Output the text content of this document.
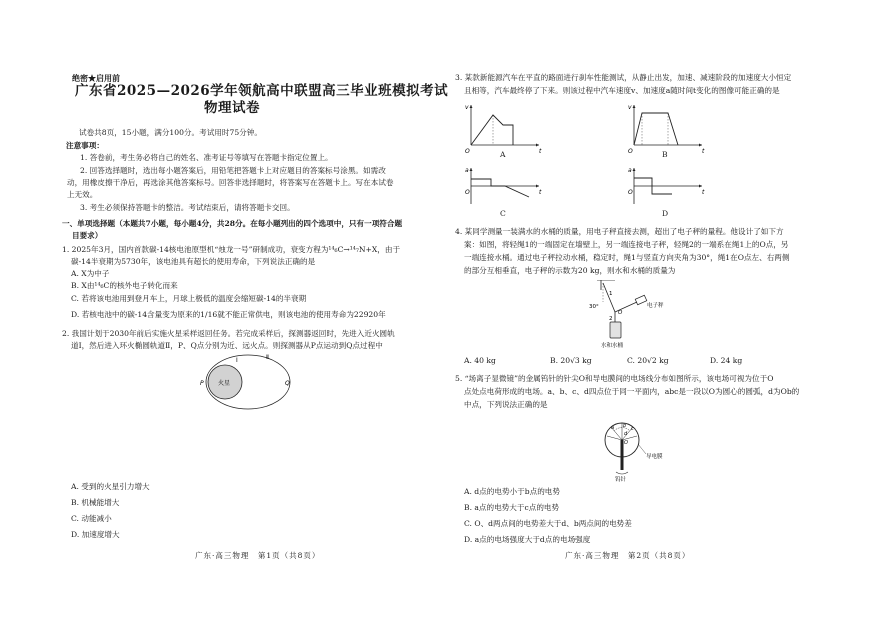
绝密★启用前
广东省2025—2026学年领航高中联盟高三毕业班模拟考试
物理试卷
试卷共8页，15小题，满分100分。考试用时75分钟。
注意事项：
1. 答卷前，考生务必将自己的姓名、准考证号等填写在答题卡指定位置上。
2. 回答选择题时，选出每小题答案后，用铅笔把答题卡上对应题目的答案标号涂黑。如需改
动，用橡皮擦干净后，再选涂其他答案标号。回答非选择题时，将答案写在答题卡上。写在本试卷
上无效。
3. 考生必须保持答题卡的整洁。考试结束后，请将答题卡交回。
一、单项选择题（本题共7小题，每小题4分，共28分。在每小题列出的四个选项中，只有一项符合题
目要求）
1. 2025年3月，国内首款碳-14核电池原型机“烛龙一号”研制成功，衰变方程为¹⁴₆C→¹⁴₇N+X，由于
碳-14半衰期为5730年，该电池具有超长的使用寿命，下列说法正确的是
A. X为中子
B. X由¹⁴₆C的核外电子转化而来
C. 若将该电池用到登月车上，月球上极低的温度会缩短碳-14的半衰期
D. 若核电池中的碳-14含量变为原来的1/16就不能正常供电，则该电池的使用寿命为22920年
2. 我国计划于2030年前后实施火星采样返回任务。若完成采样后，探测器返回时，先进入近火圆轨
道Ⅰ，然后进入环火椭圆轨道Ⅱ，P、Q点分别为近、远火点。则探测器从P点运动到Q点过程中
火星
P	Q
Ⅰ	Ⅱ
A. 受到的火星引力增大
B. 机械能增大
C. 动能减小
D. 加速度增大
广东·高三物理　第1页（共8页）
3. 某款新能源汽车在平直的路面进行刹车性能测试，从静止出发，加速、减速阶段的加速度大小恒定
且相等，汽车最终停了下来。则该过程中汽车速度v、加速度a随时间t变化的图像可能正确的是
v
t
O	A
v
t
O	B
a
t
O
C
a
t
O
D
4. 某同学测量一装满水的水桶的质量，用电子秤直接去测，超出了电子秤的量程。他设计了如下方
案：如图，将轻绳1的一端固定在墙壁上，另一端连接电子秤，轻绳2的一端系在绳1上的O点，另
一端连接水桶。通过电子秤拉动水桶，稳定时，绳1与竖直方向夹角为30°，绳1在O点左、右两侧
的部分互相垂直，电子秤的示数为20 kg，则水和水桶的质量为
30°
1
2
O
电子秤
水和水桶
A. 40 kg	B. 20√3 kg	C. 20√2 kg	D. 24 kg
5. “场离子显微镜”的金属钨针的针尖O和导电膜间的电场线分布如图所示，该电场可视为位于O
点处点电荷形成的电场。a、b、c、d四点位于同一平面内，abc是一段以O为圆心的圆弧，d为Ob的
中点，下列说法正确的是
导电膜
钨针
a b c
d
O
A. d点的电势小于b点的电势
B. a点的电势大于c点的电势
C. O、d两点间的电势差大于d、b两点间的电势差
D. a点的电场强度大于d点的电场强度
广东·高三物理　第2页（共8页）
